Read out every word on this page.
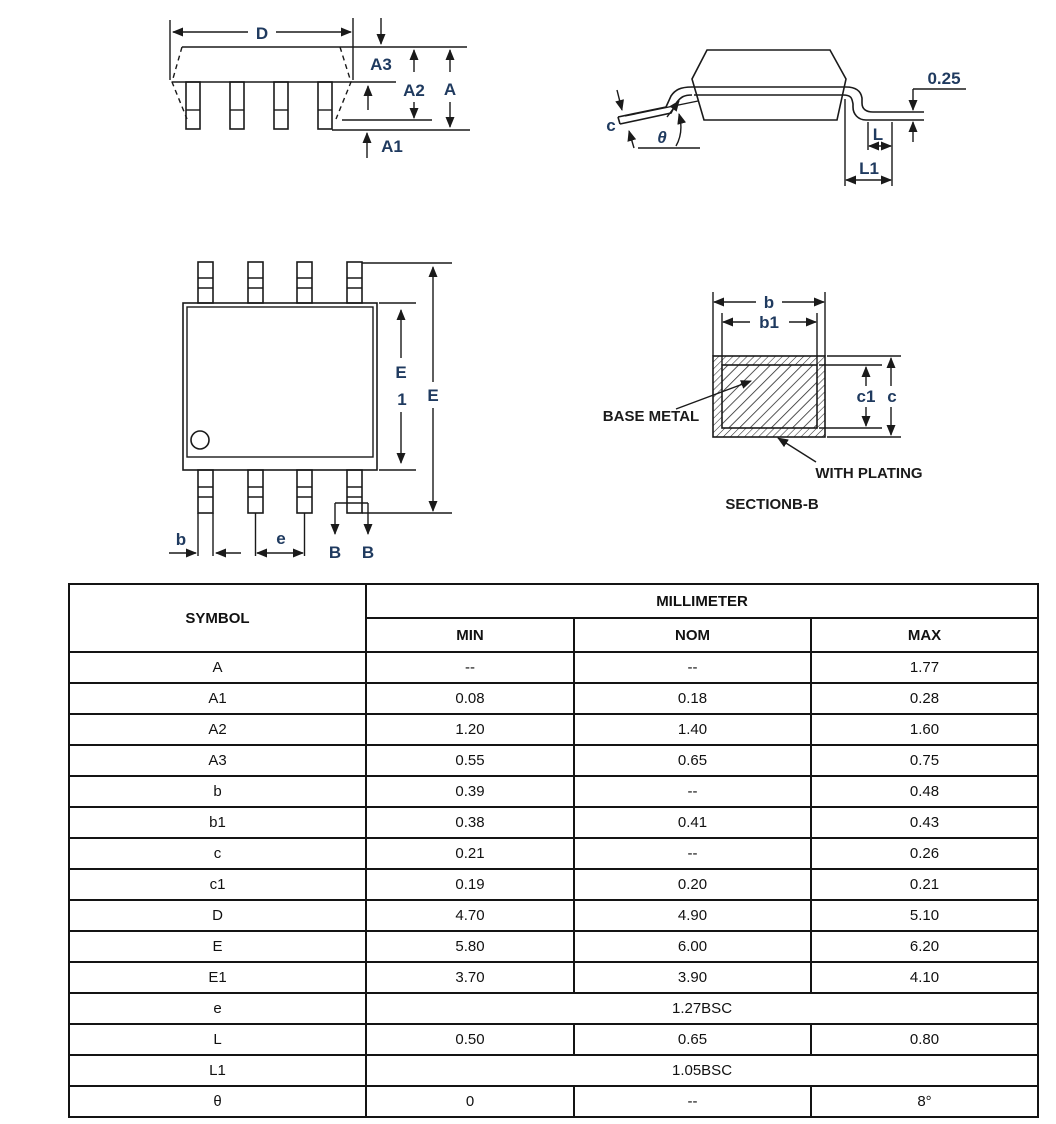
D
A3
A2 A
A1
c
θ
0.25
L
L1
b	e
E
1 E
B B
b
b1
c1 c
BASE METAL
WITH PLATING
SECTIONB-B
SYMBOL	MILLIMETER		
	MIN	NOM	MAX
A	--	--	1.77
A1	0.08	0.18	0.28
A2	1.20	1.40	1.60
A3	0.55	0.65	0.75
b	0.39	--	0.48
b1	0.38	0.41	0.43
c	0.21	--	0.26
c1	0.19	0.20	0.21
D	4.70	4.90	5.10
E	5.80	6.00	6.20
E1	3.70	3.90	4.10
e	1.27BSC		
L	0.50	0.65	0.80
L1	1.05BSC		
θ	0	--	8°
